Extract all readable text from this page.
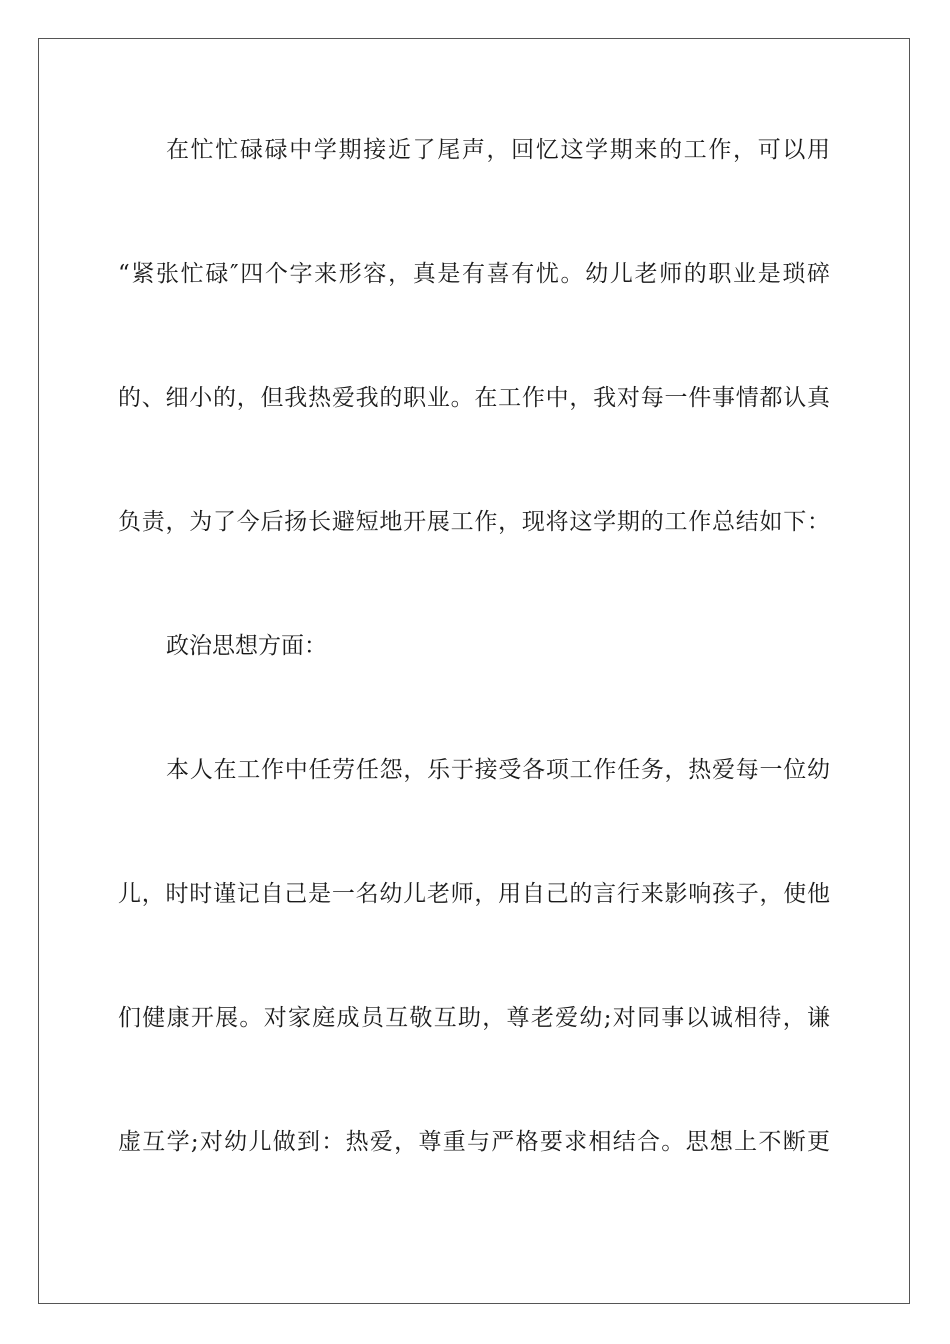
在忙忙碌碌中学期接近了尾声，回忆这学期来的工作，可以用
“紧张忙碌″四个字来形容，真是有喜有忧。幼儿老师的职业是琐碎
的、细小的，但我热爱我的职业。在工作中，我对每一件事情都认真
负责，为了今后扬长避短地开展工作，现将这学期的工作总结如下：
政治思想方面：
本人在工作中任劳任怨，乐于接受各项工作任务，热爱每一位幼
儿，时时谨记自己是一名幼儿老师，用自己的言行来影响孩子，使他
们健康开展。对家庭成员互敬互助，尊老爱幼;对同事以诚相待，谦
虚互学;对幼儿做到：热爱，尊重与严格要求相结合。思想上不断更
